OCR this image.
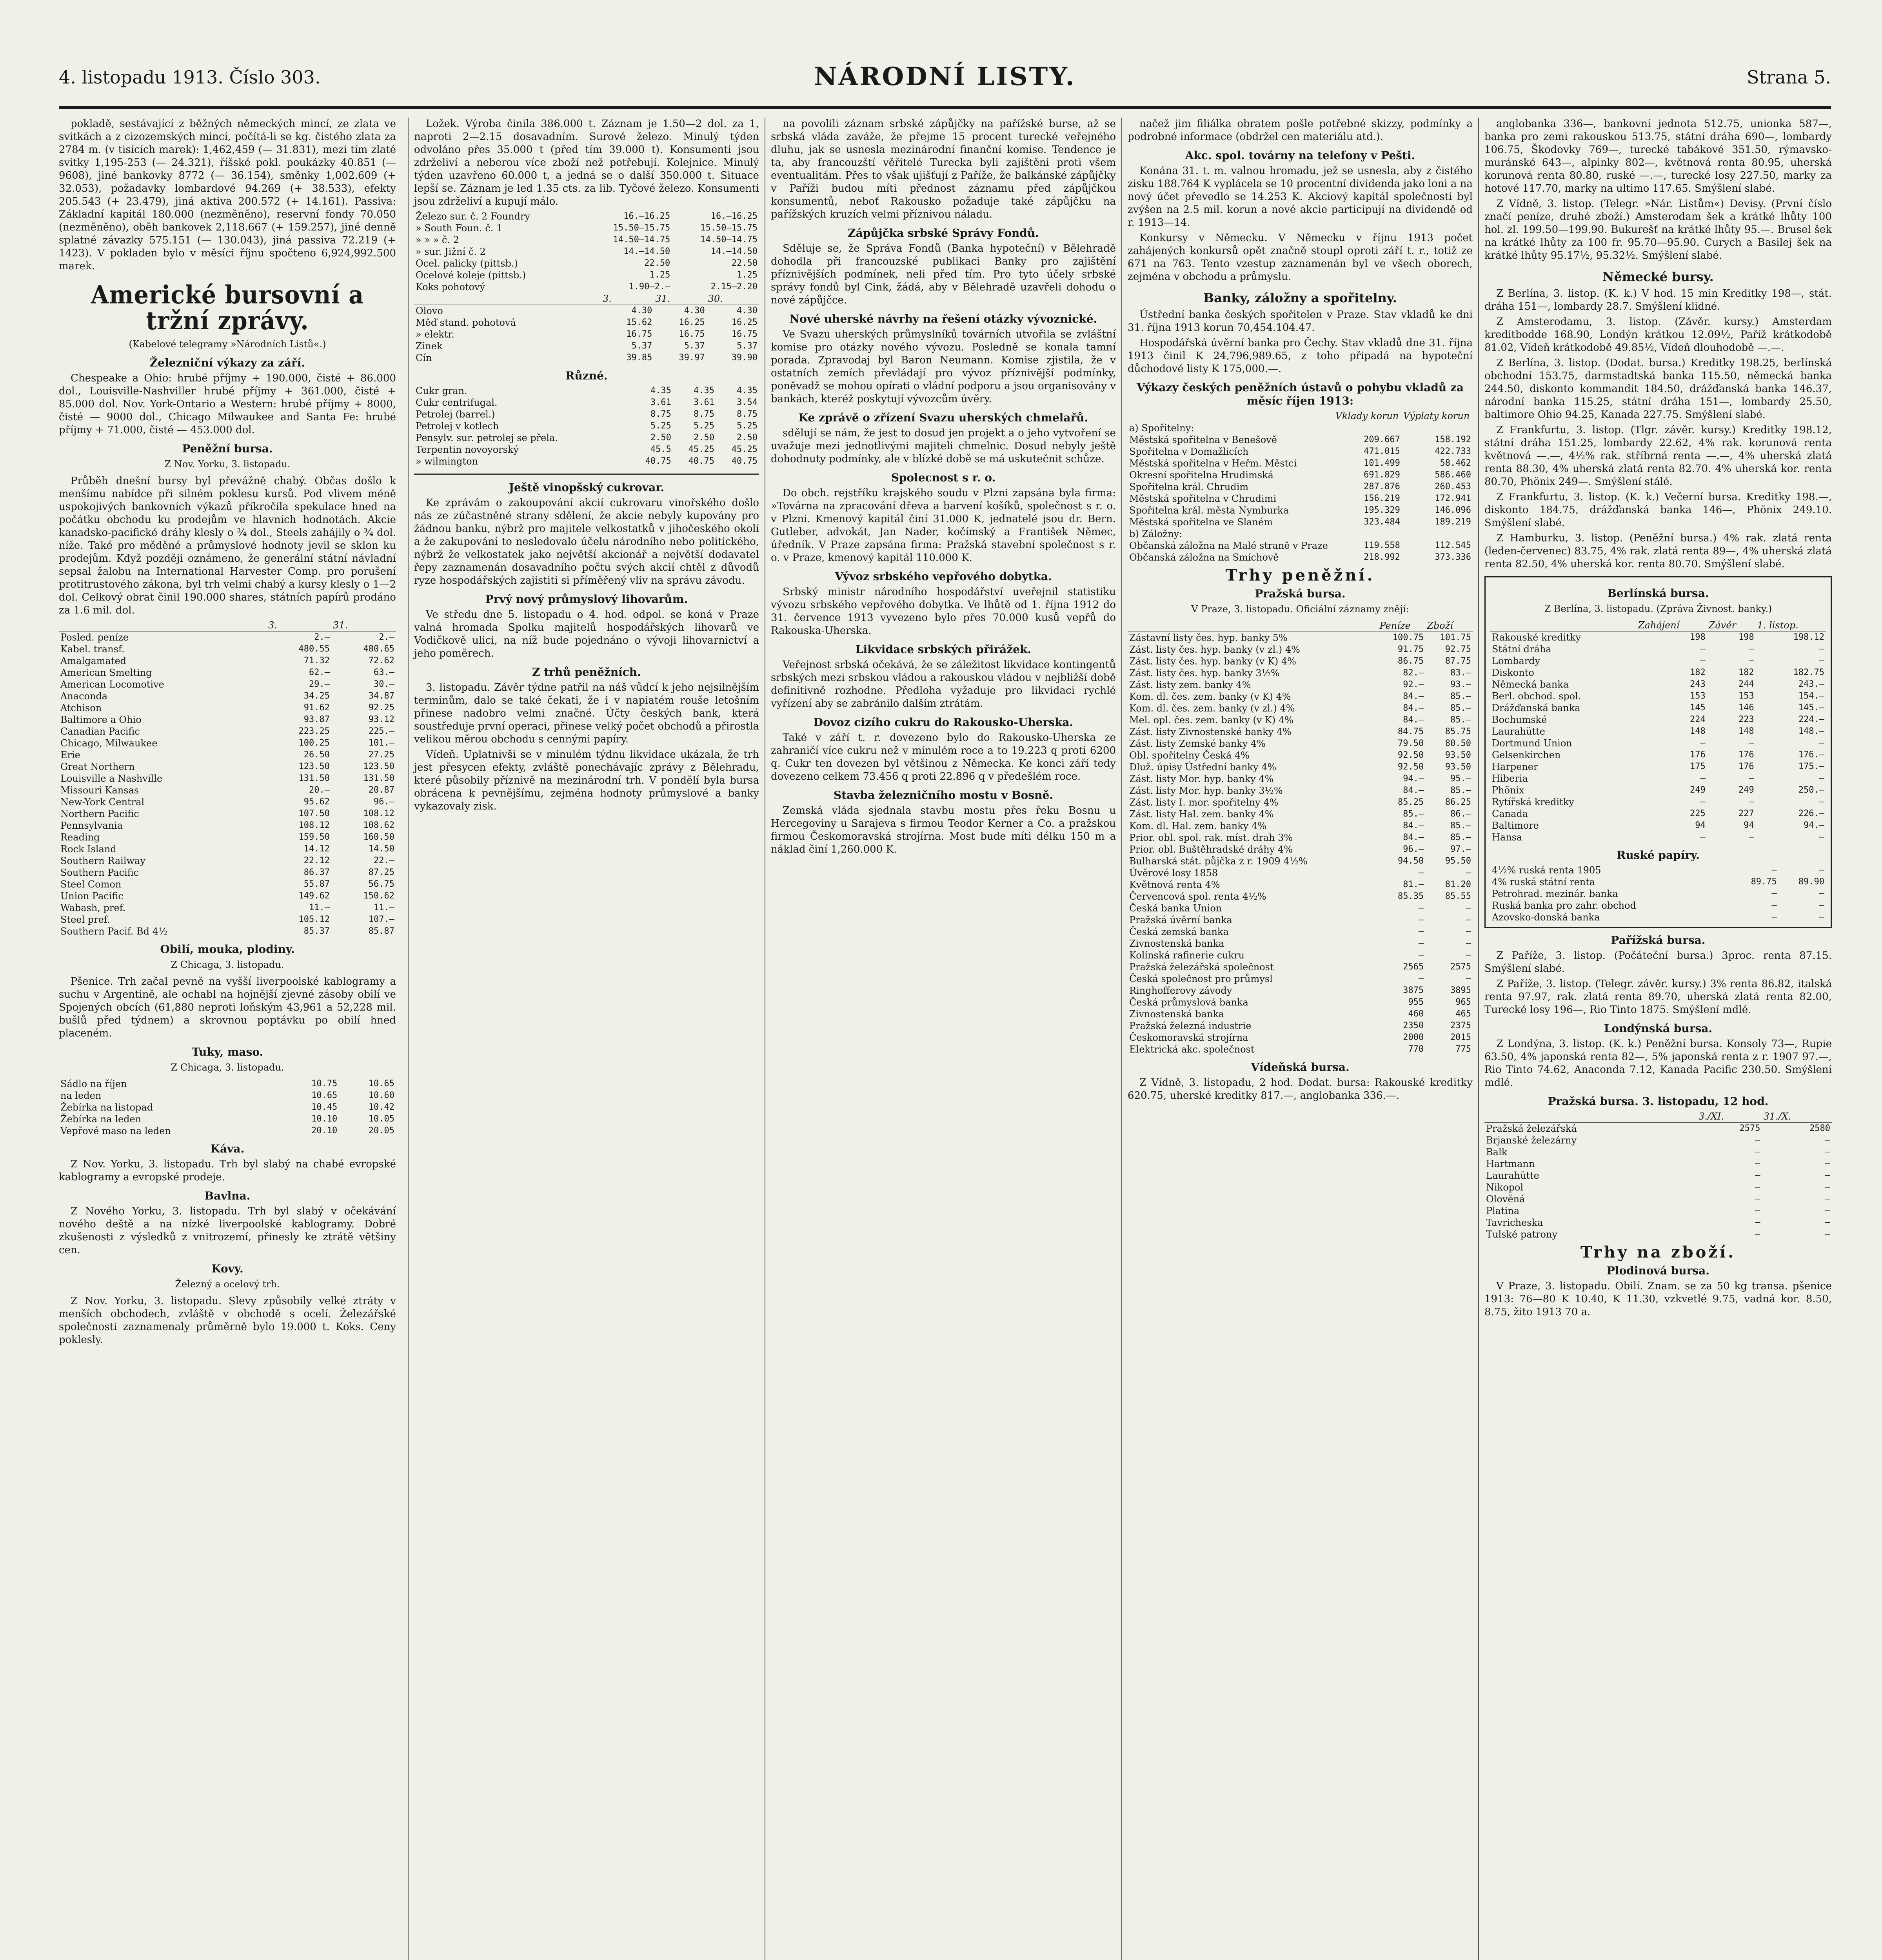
4. listopadu 1913. Číslo 303.	NÁRODNÍ LISTY.	Strana 5.

pokladě, sestávající z běžných německých mincí, ze zlata ve svitkách a z cizozemských mincí, počítá-li se kg. čistého zlata za 2784 m. (v tisících marek): 1,462,459 (— 31.831), mezi tím zlaté svitky 1,195-253 (— 24.321), říšské pokl. poukázky 40.851 (— 9608), jiné bankovky 8772 (— 36.154), směnky 1,002.609 (+ 32.053), požadavky lombardové 94.269 (+ 38.533), efekty 205.543 (+ 23.479), jiná aktiva 200.572 (+ 14.161). Passiva: Základní kapitál 180.000 (nezměněno), reservní fondy 70.050 (nezměněno), oběh bankovek 2,118.667 (+ 159.257), jiné denně splatné závazky 575.151 (— 130.043), jiná passiva 72.219 (+ 1423). V pokladen bylo v měsíci říjnu spočteno 6,924,992.500 marek.

Americké bursovní a tržní zprávy.
(Kabelové telegramy »Národních Listů«.)
Železniční výkazy za září.

Chespeake a Ohio: hrubé příjmy + 190.000, čisté + 86.000 dol., Louisville-Nashviller hrubé příjmy + 361.000, čisté + 85.000 dol. Nov. York-Ontario a Western: hrubé příjmy + 8000, čisté — 9000 dol., Chicago Milwaukee and Santa Fe: hrubé příjmy + 71.000, čisté — 453.000 dol.

Peněžní bursa.
Z Nov. Yorku, 3. listopadu.

Průběh dnešní bursy byl převážně chabý. Občas došlo k menšímu nabídce při silném poklesu kursů. Pod vlivem méně uspokojivých bankovních výkazů příkročila spekulace hned na počátku obchodu ku prodejům ve hlavních hodnotách. Akcie kanadsko-pacifické dráhy klesly o ¾ dol., Steels zahájily o ¾ dol. níže. Také pro měděné a průmyslové hodnoty jevil se sklon ku prodejům. Když později oznámeno, že generální státní návladní sepsal žalobu na International Harvester Comp. pro porušení protitrustového zákona, byl trh velmi chabý a kursy klesly o 1—2 dol. Celkový obrat činil 190.000 shares, státních papírů prodáno za 1.6 mil. dol.

	3.	31.
Posled. peníze	2.—	2.—
Kabel. transf.	480.55	480.65
Amalgamated	71.32	72.62
American Smelting	62.—	63.—
American Locomotive	29.—	30.—
Anaconda	34.25	34.87
Atchison	91.62	92.25
Baltimore a Ohio	93.87	93.12
Canadian Pacific	223.25	225.—
Chicago, Milwaukee	100.25	101.—
Erie	26.50	27.25
Great Northern	123.50	123.50
Louisville a Nashville	131.50	131.50
Missouri Kansas	20.—	20.87
New-York Central	95.62	96.—
Northern Pacific	107.50	108.12
Pennsylvania	108.12	108.62
Reading	159.50	160.50
Rock Island	14.12	14.50
Southern Railway	22.12	22.—
Southern Pacific	86.37	87.25
Steel Comon	55.87	56.75
Union Pacific	149.62	150.62
Wabash, pref.	11.—	11.—
Steel pref.	105.12	107.—
Southern Pacif. Bd 4½	85.37	85.87
Obilí, mouka, plodiny.
Z Chicaga, 3. listopadu.

Pšenice. Trh začal pevně na vyšší liverpoolské kablogramy a suchu v Argentině, ale ochabl na hojnější zjevné zásoby obilí ve Spojených obcích (61,880 neproti loňským 43,961 a 52,228 mil. bušlů před týdnem) a skrovnou poptávku po obilí hned placeném.

Tuky, maso.
Z Chicaga, 3. listopadu.
Sádlo na říjen	10.75	10.65
na leden	10.65	10.60
Žebírka na listopad	10.45	10.42
Žebírka na leden	10.10	10.05
Vepřové maso na leden	20.10	20.05
Káva.

Z Nov. Yorku, 3. listopadu. Trh byl slabý na chabé evropské kablogramy a evropské prodeje.

Bavlna.

Z Nového Yorku, 3. listopadu. Trh byl slabý v očekávání nového deště a na nízké liverpoolské kablogramy. Dobré zkušenosti z výsledků z vnitrozemí, přinesly ke ztrátě většiny cen.

Kovy.
Železný a ocelový trh.

Z Nov. Yorku, 3. listopadu. Slevy způsobily velké ztráty v menších obchodech, zvláště v obchodě s ocelí. Železářské společnosti zaznamenaly průměrně bylo 19.000 t. Koks. Ceny poklesly.

Ložek. Výroba činila 386.000 t. Záznam je 1.50—2 dol. za 1, naproti 2—2.15 dosavadním. Surové železo. Minulý týden odvoláno přes 35.000 t (před tím 39.000 t). Konsumenti jsou zdrželiví a neberou více zboží než potřebují. Kolejnice. Minulý týden uzavřeno 60.000 t, a jedná se o další 350.000 t. Situace lepší se. Záznam je led 1.35 cts. za lib. Tyčové železo. Konsumenti jsou zdrželiví a kupují málo.

Železo sur. č. 2 Foundry	16.—16.25	16.—16.25
» South Foun. č. 1	15.50—15.75	15.50—15.75
» » » č. 2	14.50—14.75	14.50—14.75
» sur. Jižní č. 2	14.—14.50	14.—14.50
Ocel. palicky (pittsb.)	22.50	22.50
Ocelové koleje (pittsb.)	1.25	1.25
Koks pohotový	1.90—2.—	2.15—2.20
	3.	31.	30.
Olovo	4.30	4.30	4.30
Měď stand. pohotová	15.62	16.25	16.25
» elektr.	16.75	16.75	16.75
Zinek	5.37	5.37	5.37
Cín	39.85	39.97	39.90
Různé.
Cukr gran.	4.35	4.35	4.35
Cukr centrifugal.	3.61	3.61	3.54
Petrolej (barrel.)	8.75	8.75	8.75
Petrolej v kotlech	5.25	5.25	5.25
Pensylv. sur. petrolej se přela.	2.50	2.50	2.50
Terpentin novoyorský	45.5	45.25	45.25
» wilmington	40.75	40.75	40.75
Ještě vinopšský cukrovar.

Ke zprávám o zakoupování akcií cukrovaru vinořského došlo nás ze zúčastněné strany sdělení, že akcie nebyly kupovány pro žádnou banku, nýbrž pro majitele velkostatků v jihočeského okolí a že zakupování to nesledovalo účelu národního nebo politického, nýbrž že velkostatek jako největší akcionář a největší dodavatel řepy zaznamenán dosavadního počtu svých akcií chtěl z důvodů ryze hospodářských zajistiti si příměřený vliv na správu závodu.

Prvý nový průmyslový lihovarům.

Ve středu dne 5. listopadu o 4. hod. odpol. se koná v Praze valná hromada Spolku majitelů hospodářských lihovarů ve Vodičkově ulici, na níž bude pojednáno o vývoji lihovarnictví a jeho poměrech.

Z trhů peněžních.

3. listopadu. Závěr týdne patřil na náš vůdcí k jeho nejsilnějším terminům, dalo se také čekati, že i v napiatém rouše letošním přinese nadobro velmi značné. Účty českých bank, která soustředuje první operaci, přinese velký počet obchodů a přirostla velikou měrou obchodu s cennými papíry.

Vídeň. Uplatnivši se v minulém týdnu likvidace ukázala, že trh jest přesycen efekty, zvláště ponechávajíc zprávy z Bělehradu, které působily příznivě na mezinárodní trh. V pondělí byla bursa obrácena k pevnějšímu, zejména hodnoty průmyslové a banky vykazovaly zisk.

na povolili záznam srbské zápůjčky na pařížské burse, až se srbská vláda zaváže, že přejme 15 procent turecké veřejného dluhu, jak se usnesla mezinárodní finanční komise. Tendence je ta, aby francouzští věřitelé Turecka byli zajištěni proti všem eventualitám. Přes to však ujišťují z Paříže, že balkánské zápůjčky v Paříži budou míti přednost záznamu před zápůjčkou konsumentů, neboť Rakousko požaduje také zápůjčku na pařížských kruzích velmi příznivou náladu.

Zápůjčka srbské Správy Fondů.

Sděluje se, že Správa Fondů (Banka hypoteční) v Bělehradě dohodla při francouzské publikaci Banky pro zajištění příznivějších podmínek, neli před tím. Pro tyto účely srbské správy fondů byl Cink, žádá, aby v Bělehradě uzavřeli dohodu o nové zápůjčce.

Nové uherské návrhy na řešení otázky vývoznické.

Ve Svazu uherských průmyslníků továrních utvořila se zvláštní komise pro otázky nového vývozu. Posledně se konala tamní porada. Zpravodaj byl Baron Neumann. Komise zjistila, že v ostatních zemích převládají pro vývoz příznivější podmínky, poněvadž se mohou opírati o vládní podporu a jsou organisovány v bankách, kteréž poskytují vývozcům úvěry.

Ke zprávě o zřízení Svazu uherských chmelařů.

sdělují se nám, že jest to dosud jen projekt a o jeho vytvoření se uvažuje mezi jednotlivými majiteli chmelnic. Dosud nebyly ještě dohodnuty podmínky, ale v blízké době se má uskutečnit schůze.

Spolecnost s r. o.

Do obch. rejstříku krajského soudu v Plzni zapsána byla firma: »Továrna na zpracování dřeva a barvení košíků, společnost s r. o. v Plzni. Kmenový kapitál činí 31.000 K, jednatelé jsou dr. Bern. Gutleber, advokát, Jan Nader, kočímský a František Němec, úředník. V Praze zapsána firma: Pražská stavební společnost s r. o. v Praze, kmenový kapitál 110.000 K.

Vývoz srbského vepřového dobytka.

Srbský ministr národního hospodářství uveřejnil statistiku vývozu srbského vepřového dobytka. Ve lhůtě od 1. října 1912 do 31. července 1913 vyvezeno bylo přes 70.000 kusů vepřů do Rakouska-Uherska.

Likvidace srbských přirážek.

Veřejnost srbská očekává, že se záležitost likvidace kontingentů srbských mezi srbskou vládou a rakouskou vládou v nejbližší době definitivně rozhodne. Předloha vyžaduje pro likvidaci rychlé vyřízení aby se zabránilo dalším ztrátám.

Dovoz cizího cukru do Rakousko-Uherska.

Také v září t. r. dovezeno bylo do Rakousko-Uherska ze zahraničí více cukru než v minulém roce a to 19.223 q proti 6200 q. Cukr ten dovezen byl většinou z Německa. Ke konci září tedy dovezeno celkem 73.456 q proti 22.896 q v předešlém roce.

Stavba železničního mostu v Bosně.

Zemská vláda sjednala stavbu mostu přes řeku Bosnu u Hercegoviny u Sarajeva s firmou Teodor Kerner a Co. a pražskou firmou Českomoravská strojírna. Most bude míti délku 150 m a náklad činí 1,260.000 K.

načež jim filiálka obratem pošle potřebné skizzy, podmínky a podrobné informace (obdržel cen materiálu atd.).

Akc. spol. továrny na telefony v Pešti.

Konána 31. t. m. valnou hromadu, jež se usnesla, aby z čistého zisku 188.764 K vyplácela se 10 procentní dividenda jako loni a na nový účet převedlo se 14.253 K. Akciový kapitál společnosti byl zvýšen na 2.5 mil. korun a nové akcie participují na dividendě od r. 1913—14.

Konkursy v Německu. V Německu v říjnu 1913 počet zahájených konkursů opět značně stoupl oproti září t. r., totiž ze 671 na 763. Tento vzestup zaznamenán byl ve všech oborech, zejména v obchodu a průmyslu.

Banky, záložny a spořitelny.

Ústřední banka českých spořitelen v Praze. Stav vkladů ke dni 31. října 1913 korun 70,454.104.47.

Hospodářská úvěrní banka pro Čechy. Stav vkladů dne 31. října 1913 činil K 24,796,989.65, z toho připadá na hypoteční důchodové listy K 175,000.—.

Výkazy českých peněžních ústavů o pohybu vkladů za měsíc říjen 1913:
	Vklady korun	Výplaty korun
a) Spořitelny:		
Městská spořitelna v Benešově	209.667	158.192
Spořitelna v Domažlicích	471.015	422.733
Městská spořitelna v Heřm. Městci	101.499	58.462
Okresní spořitelna Hrudimská	691.829	586.460
Spořitelna král. Chrudim	287.876	260.453
Městská spořitelna v Chrudimi	156.219	172.941
Spořitelna král. města Nymburka	195.329	146.096
Městská spořitelna ve Slaném	323.484	189.219
b) Záložny:		
Občanská záložna na Malé straně v Praze	119.558	112.545
Občanská záložna na Smíchově	218.992	373.336
Trhy peněžní.
Pražská bursa.
V Praze, 3. listopadu. Oficiální záznamy znějí:
	Peníze	Zboží
Zástavní listy čes. hyp. banky 5%	100.75	101.75
Zást. listy čes. hyp. banky (v zl.) 4%	91.75	92.75
Zást. listy čes. hyp. banky (v K) 4%	86.75	87.75
Zást. listy čes. hyp. banky 3½%	82.—	83.—
Zást. listy zem. banky 4%	92.—	93.—
Kom. dl. čes. zem. banky (v K) 4%	84.—	85.—
Kom. dl. čes. zem. banky (v zl.) 4%	84.—	85.—
Mel. opl. čes. zem. banky (v K) 4%	84.—	85.—
Zást. listy Zivnostenské banky 4%	84.75	85.75
Zást. listy Zemské banky 4%	79.50	80.50
Obl. spořitelny Česká 4%	92.50	93.50
Dluž. úpisy Ústřední banky 4%	92.50	93.50
Zást. listy Mor. hyp. banky 4%	94.—	95.—
Zást. listy Mor. hyp. banky 3½%	84.—	85.—
Zást. listy I. mor. spořitelny 4%	85.25	86.25
Zást. listy Hal. zem. banky 4%	85.—	86.—
Kom. dl. Hal. zem. banky 4%	84.—	85.—
Prior. obl. spol. rak. míst. drah 3%	84.—	85.—
Prior. obl. Buštěhradské dráhy 4%	96.—	97.—
Bulharská stát. půjčka z r. 1909 4½%	94.50	95.50
Úvěrové losy 1858	—	—
Květnová renta 4%	81.—	81.20
Červencová spol. renta 4½%	85.35	85.55
Česká banka Union	—	—
Pražská úvěrní banka	—	—
Česká zemská banka	—	—
Zivnostenská banka	—	—
Kolínská rafinerie cukru	—	—
Pražská železářská společnost	2565	2575
Česká společnost pro průmysl	—	—
Ringhofferovy závody	3875	3895
Česká průmyslová banka	955	965
Zivnostenská banka	460	465
Pražská železná industrie	2350	2375
Českomoravská strojírna	2000	2015
Elektrická akc. společnost	770	775
Vídeňská bursa.

Z Vídně, 3. listopadu, 2 hod. Dodat. bursa: Rakouské kreditky 620.75, uherské kreditky 817.—, anglobanka 336.—.

anglobanka 336—, bankovní jednota 512.75, unionka 587—, banka pro zemi rakouskou 513.75, státní dráha 690—, lombardy 106.75, Škodovky 769—, turecké tabákové 351.50, rýmavsko-muránské 643—, alpinky 802—, květnová renta 80.95, uherská korunová renta 80.80, ruské —.—, turecké losy 227.50, marky za hotové 117.70, marky na ultimo 117.65. Smýšlení slabé.

Z Vídně, 3. listop. (Telegr. »Nár. Listům«) Devisy. (První číslo značí peníze, druhé zboží.) Amsterodam šek a krátké lhůty 100 hol. zl. 199.50—199.90. Bukurešť na krátké lhůty 95.—. Brusel šek na krátké lhůty za 100 fr. 95.70—95.90. Curych a Basilej šek na krátké lhůty 95.17½, 95.32½. Smýšlení slabé.

Německé bursy.

Z Berlína, 3. listop. (K. k.) V hod. 15 min Kreditky 198—, stát. dráha 151—, lombardy 28.7. Smýšlení klidné.

Z Amsterodamu, 3. listop. (Závěr. kursy.) Amsterdam kreditbodde 168.90, Londýn krátkou 12.09½, Paříž krátkodobě 81.02, Vídeň krátkodobě 49.85½, Vídeň dlouhodobě —.—.

Z Berlína, 3. listop. (Dodat. bursa.) Kreditky 198.25, berlínská obchodní 153.75, darmstadtská banka 115.50, německá banka 244.50, diskonto kommandit 184.50, drážďanská banka 146.37, národní banka 115.25, státní dráha 151—, lombardy 25.50, baltimore Ohio 94.25, Kanada 227.75. Smýšlení slabé.

Z Frankfurtu, 3. listop. (Tlgr. závěr. kursy.) Kreditky 198.12, státní dráha 151.25, lombardy 22.62, 4% rak. korunová renta květnová —.—, 4½% rak. stříbrná renta —.—, 4% uherská zlatá renta 88.30, 4% uherská zlatá renta 82.70. 4% uherská kor. renta 80.70, Phönix 249—. Smýšlení stálé.

Z Frankfurtu, 3. listop. (K. k.) Večerní bursa. Kreditky 198.—, diskonto 184.75, drážďanská banka 146—, Phönix 249.10. Smýšlení slabé.

Z Hamburku, 3. listop. (Peněžní bursa.) 4% rak. zlatá renta (leden-červenec) 83.75, 4% rak. zlatá renta 89—, 4% uherská zlatá renta 82.50, 4% uherská kor. renta 80.70. Smýšlení slabé.

Berlínská bursa.
Z Berlína, 3. listopadu. (Zpráva Živnost. banky.)
	Zahájení	Závěr	1. listop.
Rakouské kreditky	198	198	198.12
Státní dráha	—	—	—
Lombardy	—	—	—
Diskonto	182	182	182.75
Německá banka	243	244	243.—
Berl. obchod. spol.	153	153	154.—
Drážďanská banka	145	146	145.—
Bochumské	224	223	224.—
Laurahütte	148	148	148.—
Dortmund Union	—	—	—
Gelsenkirchen	176	176	176.—
Harpener	175	176	175.—
Hiberia	—	—	—
Phönix	249	249	250.—
Rytířská kreditky	—	—	—
Canada	225	227	226.—
Baltimore	94	94	94.—
Hansa	—	—	—
Ruské papíry.
4½% ruská renta 1905	—	—
4% ruská státní renta	89.75	89.90
Petrohrad. mezinár. banka	—	—
Ruská banka pro zahr. obchod	—	—
Azovsko-donská banka	—	—
Pařížská bursa.

Z Paříže, 3. listop. (Počáteční bursa.) 3proc. renta 87.15. Smýšlení slabé.

Z Paříže, 3. listop. (Telegr. závěr. kursy.) 3% renta 86.82, italská renta 97.97, rak. zlatá renta 89.70, uherská zlatá renta 82.00, Turecké losy 196—, Rio Tinto 1875. Smýšlení mdlé.

Londýnská bursa.

Z Londýna, 3. listop. (K. k.) Peněžní bursa. Konsoly 73—, Rupie 63.50, 4% japonská renta 82—, 5% japonská renta z r. 1907 97.—, Rio Tinto 74.62, Anaconda 7.12, Kanada Pacific 230.50. Smýšlení mdlé.

Pražská bursa. 3. listopadu, 12 hod.
	3./XI.	31./X.
Pražská železářská	2575	2580
Brjanské železárny	—	—
Balk	—	—
Hartmann	—	—
Laurahütte	—	—
Nikopol	—	—
Olověná	—	—
Platina	—	—
Tavricheska	—	—
Tulské patrony	—	—
Trhy na zboží.
Plodinová bursa.

V Praze, 3. listopadu. Obilí. Znam. se za 50 kg transa. pšenice 1913: 76—80 K 10.40, K 11.30, vzkvetlé 9.75, vadná kor. 8.50, 8.75, žito 1913 70 a.
